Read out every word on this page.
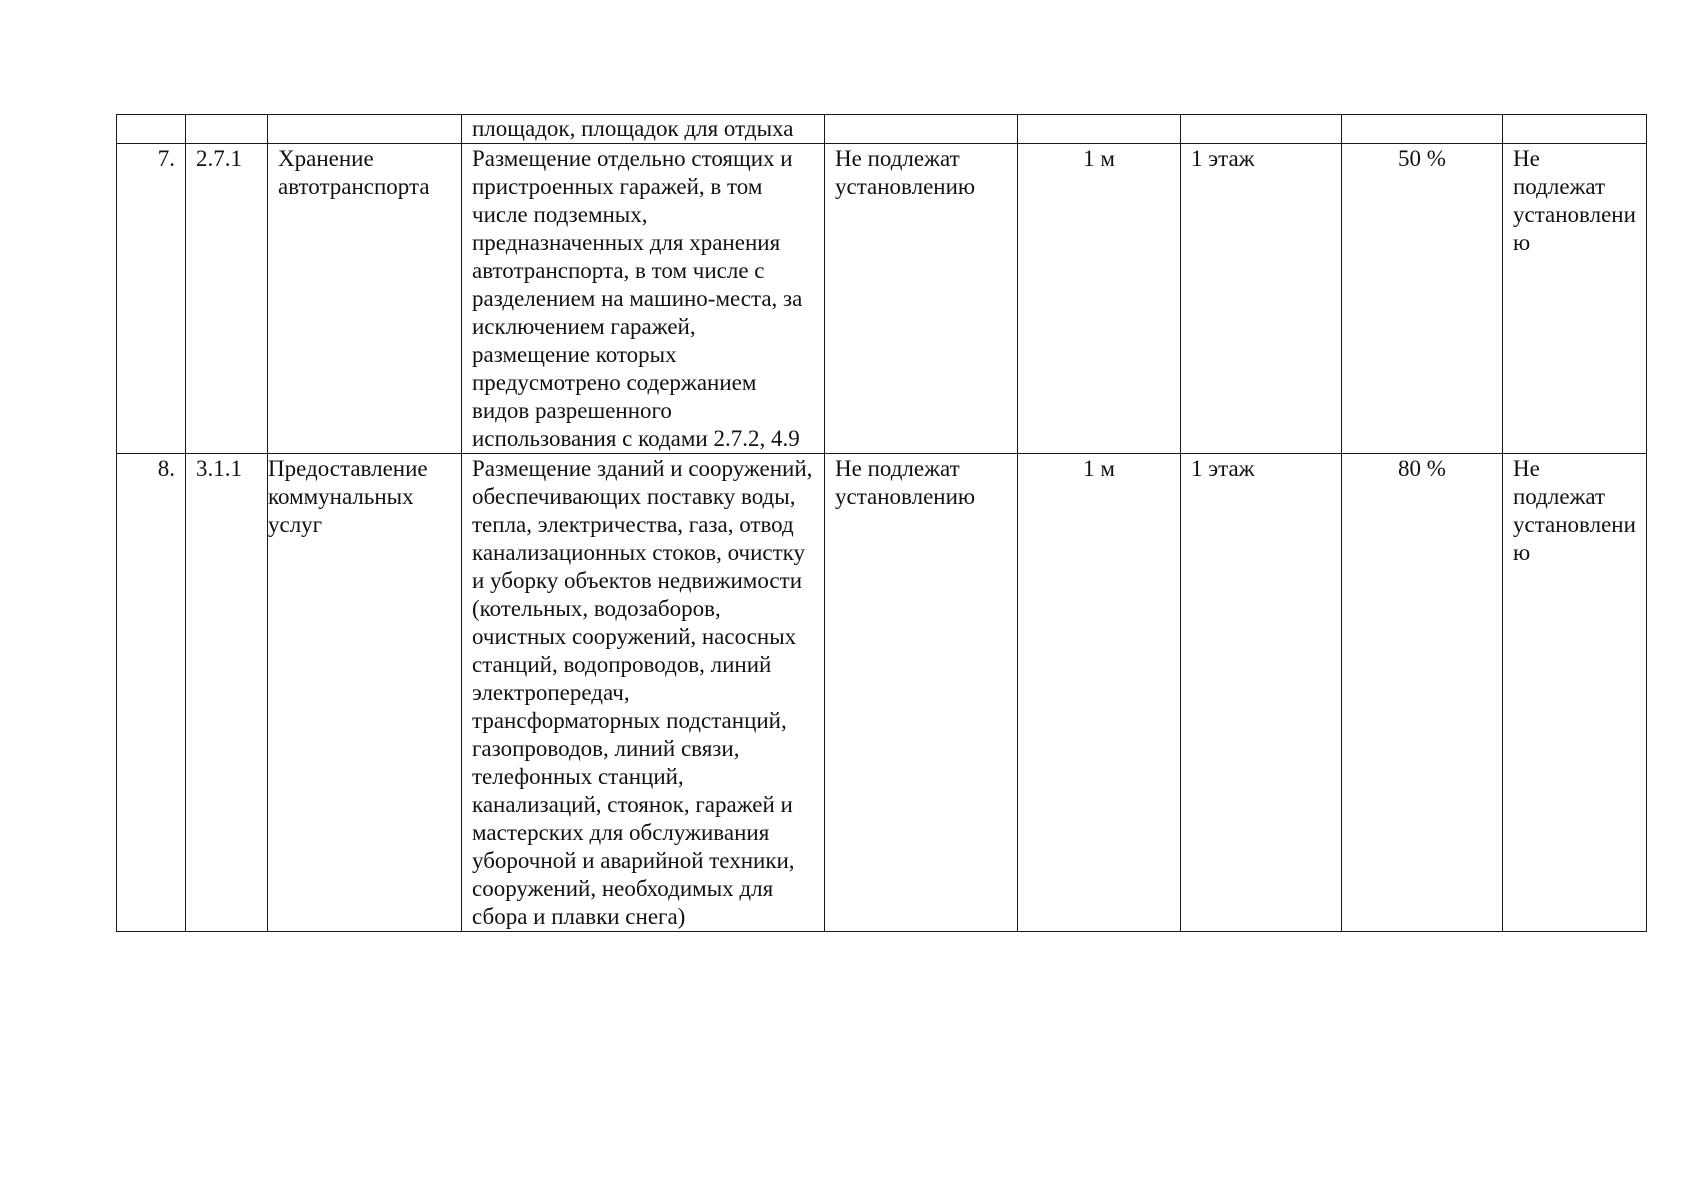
			площадок, площадок для отдыха					
7.	2.7.1	Хранение автотранспорта	Размещение отдельно стоящих и пристроенных гаражей, в том числе подземных, предназначенных для хранения автотранспорта, в том числе с разделением на машино-места, за исключением гаражей, размещение которых предусмотрено содержанием видов разрешенного использования с кодами 2.7.2, 4.9	Не подлежат установлению	1 м	1 этаж	50 %	Не подлежат установлению
8.	3.1.1	Предоставление коммунальных услуг	Размещение зданий и сооружений, обеспечивающих поставку воды, тепла, электричества, газа, отвод канализационных стоков, очистку и уборку объектов недвижимости (котельных, водозаборов, очистных сооружений, насосных станций, водопроводов, линий электропередач, трансформаторных подстанций, газопроводов, линий связи, телефонных станций, канализаций, стоянок, гаражей и мастерских для обслуживания уборочной и аварийной техники, сооружений, необходимых для сбора и плавки снега)	Не подлежат установлению	1 м	1 этаж	80 %	Не подлежат установлению
